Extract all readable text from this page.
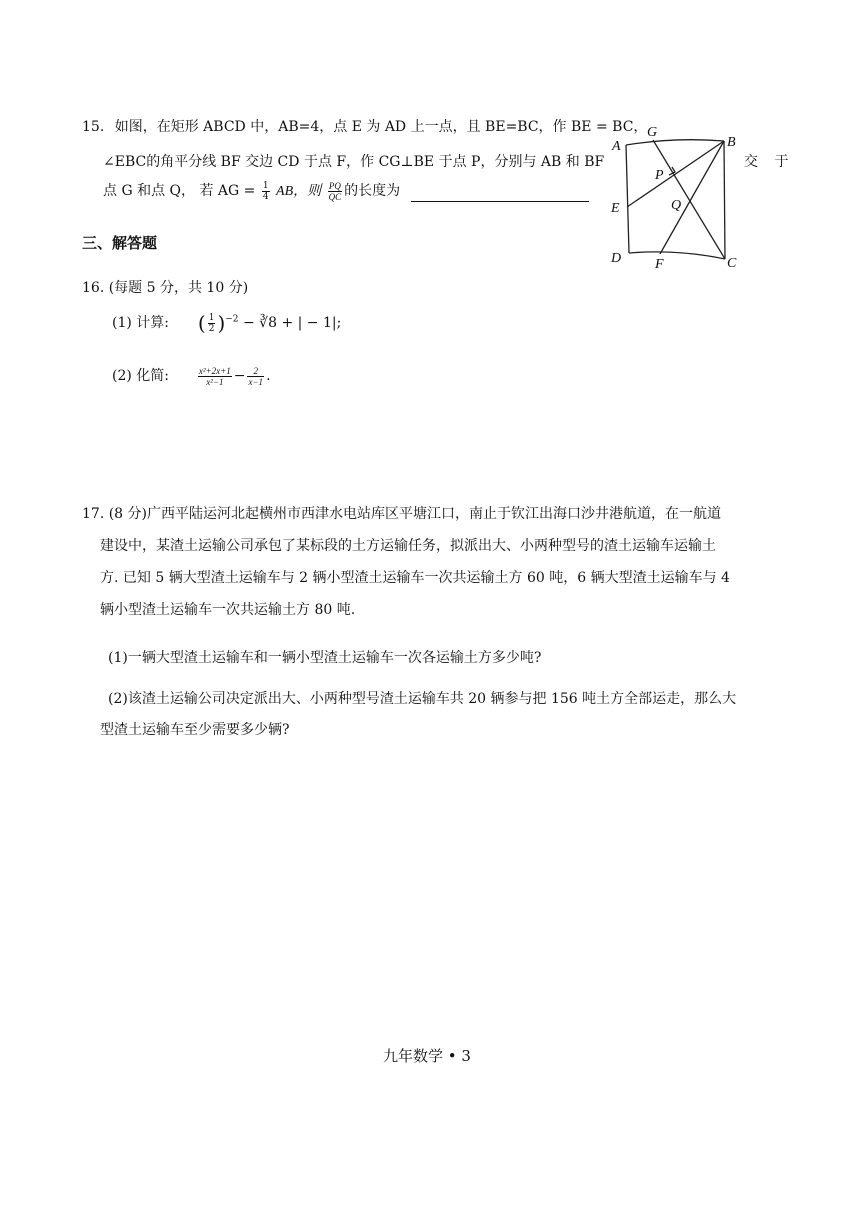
15. 如图，在矩形 ABCD 中，AB=4，点 E 为 AD 上一点，且 BE=BC，作 BE = BC，
∠EBC的角平分线 BF 交边 CD 于点 F，作 CG⊥BE 于点 P，分别与 AB 和 BF	交 于
点 G 和点 Q， 若 AG = $\frac{1}{4}$ AB，则 $\frac{PQ}{QC}$ 的长度为
A
G
B
P
Q
E
D F	C
三、解答题
16. (每题 5 分，共 10 分)
(1) 计算: ( $\frac{1}{2} )^{-2}$ − ∛8 + | − 1|;
(2) 化简:	$\frac{\text{x²+2x+1}}{\text{x²−1}} - \frac{2}{x-1}$ .
17. (8 分)广西平陆运河北起横州市西津水电站库区平塘江口，南止于钦江出海口沙井港航道，在一航道
建设中，某渣土运输公司承包了某标段的土方运输任务，拟派出大、小两种型号的渣土运输车运输土
方. 已知 5 辆大型渣土运输车与 2 辆小型渣土运输车一次共运输土方 60 吨，6 辆大型渣土运输车与 4
辆小型渣土运输车一次共运输土方 80 吨.
(1)一辆大型渣土运输车和一辆小型渣土运输车一次各运输土方多少吨?
(2)该渣土运输公司决定派出大、小两种型号渣土运输车共 20 辆参与把 156 吨土方全部运走，那么大
型渣土运输车至少需要多少辆?
九年数学 • 3
